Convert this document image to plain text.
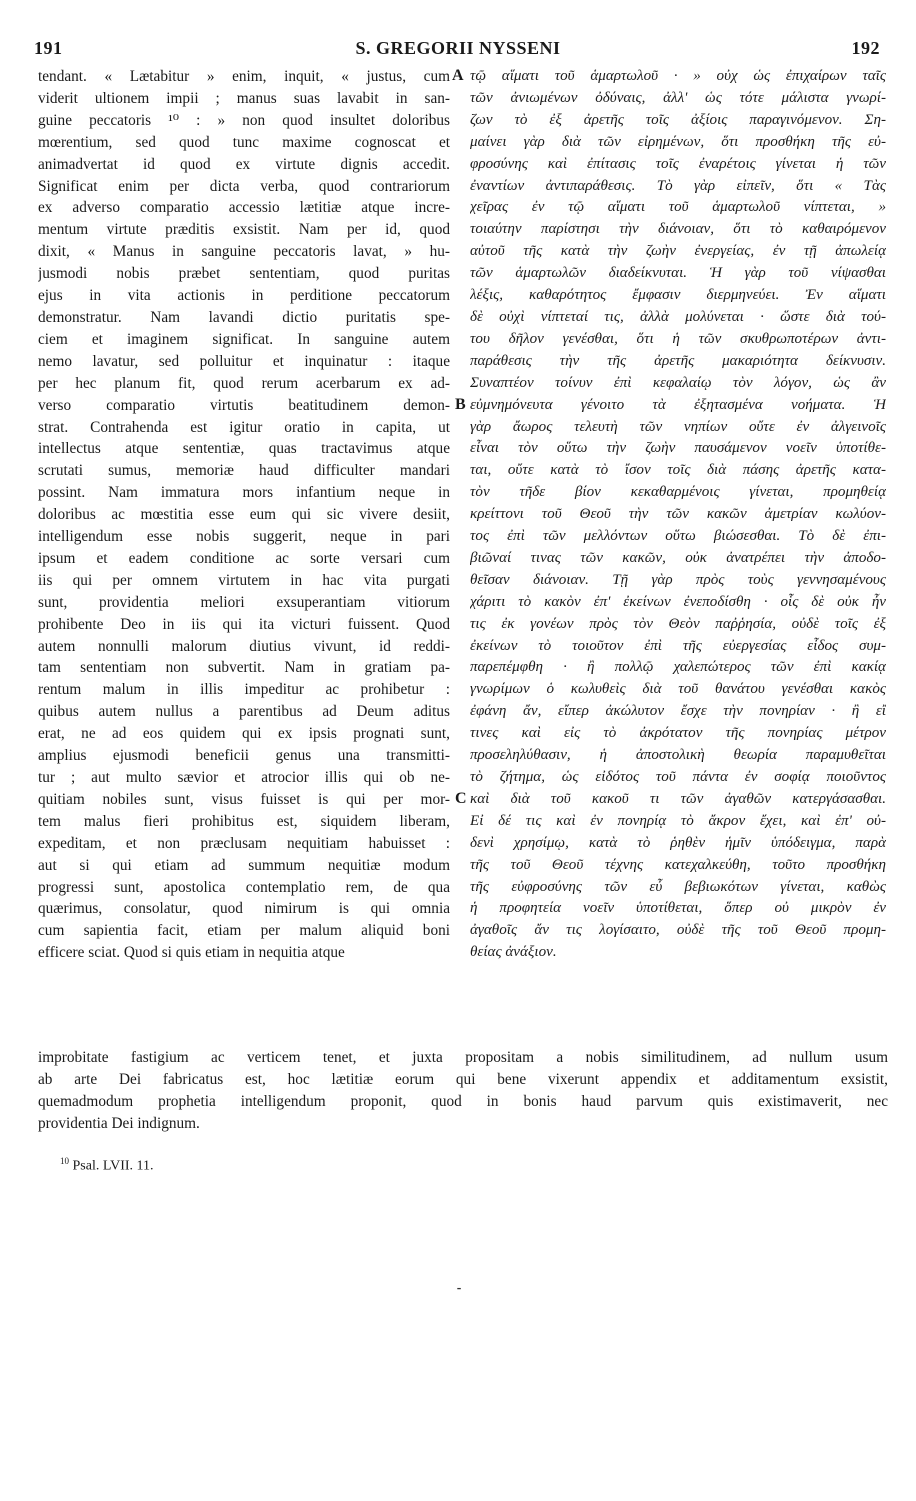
191	S. GREGORII NYSSENI	192
A
B
C
tendant. « Lætabitur » enim, inquit, « justus, cum
viderit ultionem impii ; manus suas lavabit in san-
guine peccatoris ¹⁰ : » non quod insultet doloribus
mœrentium, sed quod tunc maxime cognoscat et
animadvertat id quod ex virtute dignis accedit.
Significat enim per dicta verba, quod contrariorum
ex adverso comparatio accessio lætitiæ atque incre-
mentum virtute præditis exsistit. Nam per id, quod
dixit, « Manus in sanguine peccatoris lavat, » hu-
jusmodi nobis præbet sententiam, quod puritas
ejus in vita actionis in perditione peccatorum
demonstratur. Nam lavandi dictio puritatis spe-
ciem et imaginem significat. In sanguine autem
nemo lavatur, sed polluitur et inquinatur : itaque
per hec planum fit, quod rerum acerbarum ex ad-
verso comparatio virtutis beatitudinem demon-
strat. Contrahenda est igitur oratio in capita, ut
intellectus atque sententiæ, quas tractavimus atque
scrutati sumus, memoriæ haud difficulter mandari
possint. Nam immatura mors infantium neque in
doloribus ac mœstitia esse eum qui sic vivere desiit,
intelligendum esse nobis suggerit, neque in pari
ipsum et eadem conditione ac sorte versari cum
iis qui per omnem virtutem in hac vita purgati
sunt, providentia meliori exsuperantiam vitiorum
prohibente Deo in iis qui ita victuri fuissent. Quod
autem nonnulli malorum diutius vivunt, id reddi-
tam sententiam non subvertit. Nam in gratiam pa-
rentum malum in illis impeditur ac prohibetur :
quibus autem nullus a parentibus ad Deum aditus
erat, ne ad eos quidem qui ex ipsis prognati sunt,
amplius ejusmodi beneficii genus una transmitti-
tur ; aut multo sævior et atrocior illis qui ob ne-
quitiam nobiles sunt, visus fuisset is qui per mor-
tem malus fieri prohibitus est, siquidem liberam,
expeditam, et non præclusam nequitiam habuisset :
aut si qui etiam ad summum nequitiæ modum
progressi sunt, apostolica contemplatio rem, de qua
quærimus, consolatur, quod nimirum is qui omnia
cum sapientia facit, etiam per malum aliquid boni
efficere sciat. Quod si quis etiam in nequitia atque
τῷ αἵματι τοῦ ἁμαρτωλοῦ · » οὐχ ὡς ἐπιχαίρων ταῖς
τῶν ἀνιωμένων ὀδύναις, ἀλλ' ὡς τότε μάλιστα γνωρί-
ζων τὸ ἐξ ἀρετῆς τοῖς ἀξίοις παραγινόμενον. Ση-
μαίνει γὰρ διὰ τῶν εἰρημένων, ὅτι προσθήκη τῆς εὐ-
φροσύνης καὶ ἐπίτασις τοῖς ἐναρέτοις γίνεται ἡ τῶν
ἐναντίων ἀντιπαράθεσις. Τὸ γὰρ εἰπεῖν, ὅτι « Τὰς
χεῖρας ἐν τῷ αἵματι τοῦ ἁμαρτωλοῦ νίπτεται, »
τοιαύτην παρίστησι τὴν διάνοιαν, ὅτι τὸ καθαιρόμενον
αὐτοῦ τῆς κατὰ τὴν ζωὴν ἐνεργείας, ἐν τῇ ἀπωλείᾳ
τῶν ἁμαρτωλῶν διαδείκνυται. Ἡ γὰρ τοῦ νίψασθαι
λέξις, καθαρότητος ἔμφασιν διερμηνεύει. Ἐν αἵματι
δὲ οὐχὶ νίπτεταί τις, ἀλλὰ μολύνεται · ὥστε διὰ τού-
του δῆλον γενέσθαι, ὅτι ἡ τῶν σκυθρωποτέρων ἀντι-
παράθεσις τὴν τῆς ἀρετῆς μακαριότητα δείκνυσιν.
Συναπτέον τοίνυν ἐπὶ κεφαλαίῳ τὸν λόγον, ὡς ἂν
εὐμνημόνευτα γένοιτο τὰ ἐξητασμένα νοήματα. Ἡ
γὰρ ἄωρος τελευτὴ τῶν νηπίων οὔτε ἐν ἀλγεινοῖς
εἶναι τὸν οὕτω τὴν ζωὴν παυσάμενον νοεῖν ὑποτίθε-
ται, οὔτε κατὰ τὸ ἴσον τοῖς διὰ πάσης ἀρετῆς κατα-
τὸν τῆδε βίον κεκαθαρμένοις γίνεται, προμηθείᾳ
κρείττονι τοῦ Θεοῦ τὴν τῶν κακῶν ἀμετρίαν κωλύον-
τος ἐπὶ τῶν μελλόντων οὕτω βιώσεσθαι. Τὸ δὲ ἐπι-
βιῶναί τινας τῶν κακῶν, οὐκ ἀνατρέπει τὴν ἀποδο-
θεῖσαν διάνοιαν. Τῇ γὰρ πρὸς τοὺς γεννησαμένους
χάριτι τὸ κακὸν ἐπ' ἐκείνων ἐνεποδίσθη · οἷς δὲ οὐκ ἦν
τις ἐκ γονέων πρὸς τὸν Θεὸν παῤῥησία, οὐδὲ τοῖς ἐξ
ἐκείνων τὸ τοιοῦτον ἐπὶ τῆς εὐεργεσίας εἶδος συμ-
παρεπέμφθη · ἢ πολλῷ χαλεπώτερος τῶν ἐπὶ κακίᾳ
γνωρίμων ὁ κωλυθεὶς διὰ τοῦ θανάτου γενέσθαι κακὸς
ἐφάνη ἄν, εἴπερ ἀκώλυτον ἔσχε τὴν πονηρίαν · ἢ εἴ
τινες καὶ εἰς τὸ ἀκρότατον τῆς πονηρίας μέτρον
προσεληλύθασιν, ἡ ἀποστολικὴ θεωρία παραμυθεῖται
τὸ ζήτημα, ὡς εἰδότος τοῦ πάντα ἐν σοφίᾳ ποιοῦντος
καὶ διὰ τοῦ κακοῦ τι τῶν ἀγαθῶν κατεργάσασθαι.
Εἰ δέ τις καὶ ἐν πονηρίᾳ τὸ ἄκρον ἔχει, καὶ ἐπ' οὐ-
δενὶ χρησίμῳ, κατὰ τὸ ῥηθὲν ἡμῖν ὑπόδειγμα, παρὰ
τῆς τοῦ Θεοῦ τέχνης κατεχαλκεύθη, τοῦτο προσθήκη
τῆς εὐφροσύνης τῶν εὖ βεβιωκότων γίνεται, καθὼς
ἡ προφητεία νοεῖν ὑποτίθεται, ὅπερ οὐ μικρὸν ἐν
ἀγαθοῖς ἄν τις λογίσαιτο, οὐδὲ τῆς τοῦ Θεοῦ προμη-
θείας ἀνάξιον.
improbitate fastigium ac verticem tenet, et juxta propositam a nobis similitudinem, ad nullum usum
ab arte Dei fabricatus est, hoc lætitiæ eorum qui bene vixerunt appendix et additamentum exsistit,
quemadmodum prophetia intelligendum proponit, quod in bonis haud parvum quis existimaverit, nec
providentia Dei indignum.
$^{10}$ Psal. LVII. 11.
⁃
